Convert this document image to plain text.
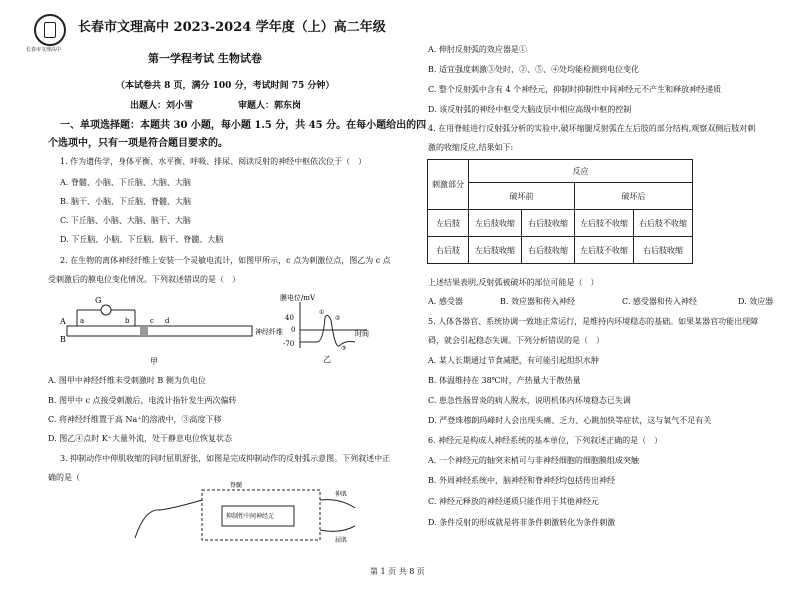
长春市文理高中
长春市文理高中 2023-2024 学年度（上）高二年级
第一学程考试 生物试卷
（本试卷共 8 页，满分 100 分，考试时间 75 分钟）
出题人：刘小雪	审题人：郭东岗
一、单项选择题：本题共 30 小题，每小题 1.5 分，共 45 分。在每小题给出的四
个选项中，只有一项是符合题目要求的。
1. 作为遗传学，身体平衡、水平衡、呼吸、排尿、阅读反射的神经中枢依次位于（　）
A. 脊髓、小脑、下丘脑、大脑、大脑
B. 脑干、小脑、下丘脑、脊髓、大脑
C. 下丘脑、小脑、大脑、脑干、大脑
D. 下丘脑、小脑、下丘脑、脑干、脊髓、大脑
2. 在生物的离体神经纤维上安装一个灵敏电流计，如图甲所示，c 点为刺激位点，图乙为 c 点
受刺激后的膜电位变化情况。下列叙述错误的是（　）
G
A
B
a	b	c d
神经纤维
甲
膜电位/mV
40
0
-70
①
②
③
时间
乙
A. 图甲中神经纤维未受刺激时 B 侧为负电位
B. 图甲中 c 点接受刺激后，电流计指针发生两次偏转
C. 将神经纤维置于高 Na⁺的溶液中，③高度下移
D. 图乙④点时 K⁺大量外流，处于静息电位恢复状态
3. 抑制动作中伸肌收缩的同时屈肌舒张，如图是完成抑制动作的反射弧示意图。下列叙述中正
确的是（
脊髓
抑制性中间神经元
伸肌
屈肌
A. 伸肘反射弧的效应器是①
B. 适宜强度刺激③处时，②、⑤、④处均能检测到电位变化
C. 整个反射弧中含有 4 个神经元，抑制时抑制性中间神经元不产生和释放神经递质
D. 该反射弧的神经中枢受大脑皮层中相应高级中枢的控制
4. 在用脊蛙进行反射弧分析的实验中,破坏缩腿反射弧在左后肢的部分结构,观察双侧后肢对刺
激的收缩反应,结果如下:
刺激部分	反应			
	破坏前		破坏后	
左后肢	左后肢收缩	右后肢收缩	左后肢不收缩	右后肢不收缩
右后肢	左后肢收缩	右后肢收缩	左后肢不收缩	右后肢收缩
上述结果表明,反射弧被破坏的部位可能是（　）
A. 感受器	B. 效应器和传入神经	C. 感受器和传入神经	D. 效应器
5. 人体各器官、系统协调一致地正常运行，是维持内环境稳态的基础。如果某器官功能出现障
碍，就会引起稳态失调。下列分析错误的是（　）
A. 某人长期通过节食减肥，有可能引起组织水肿
B. 体温维持在 38℃时，产热量大于散热量
C. 患急性肠胃炎的病人脱水，说明机体内环境稳态已失调
D. 严登珠穆朗玛峰时人会出现头痛、乏力、心跳加快等症状，这与氧气不足有关
6. 神经元是构成人神经系统的基本单位，下列叙述正确的是（　）
A. 一个神经元的轴突末梢可与非神经细胞的细胞膜组成突触
B. 外周神经系统中，脑神经和脊神经均包括传出神经
C. 神经元释放的神经递质只能作用于其他神经元
D. 条件反射的形成就是将非条件刺激转化为条件刺激
第 1 页 共 8 页
